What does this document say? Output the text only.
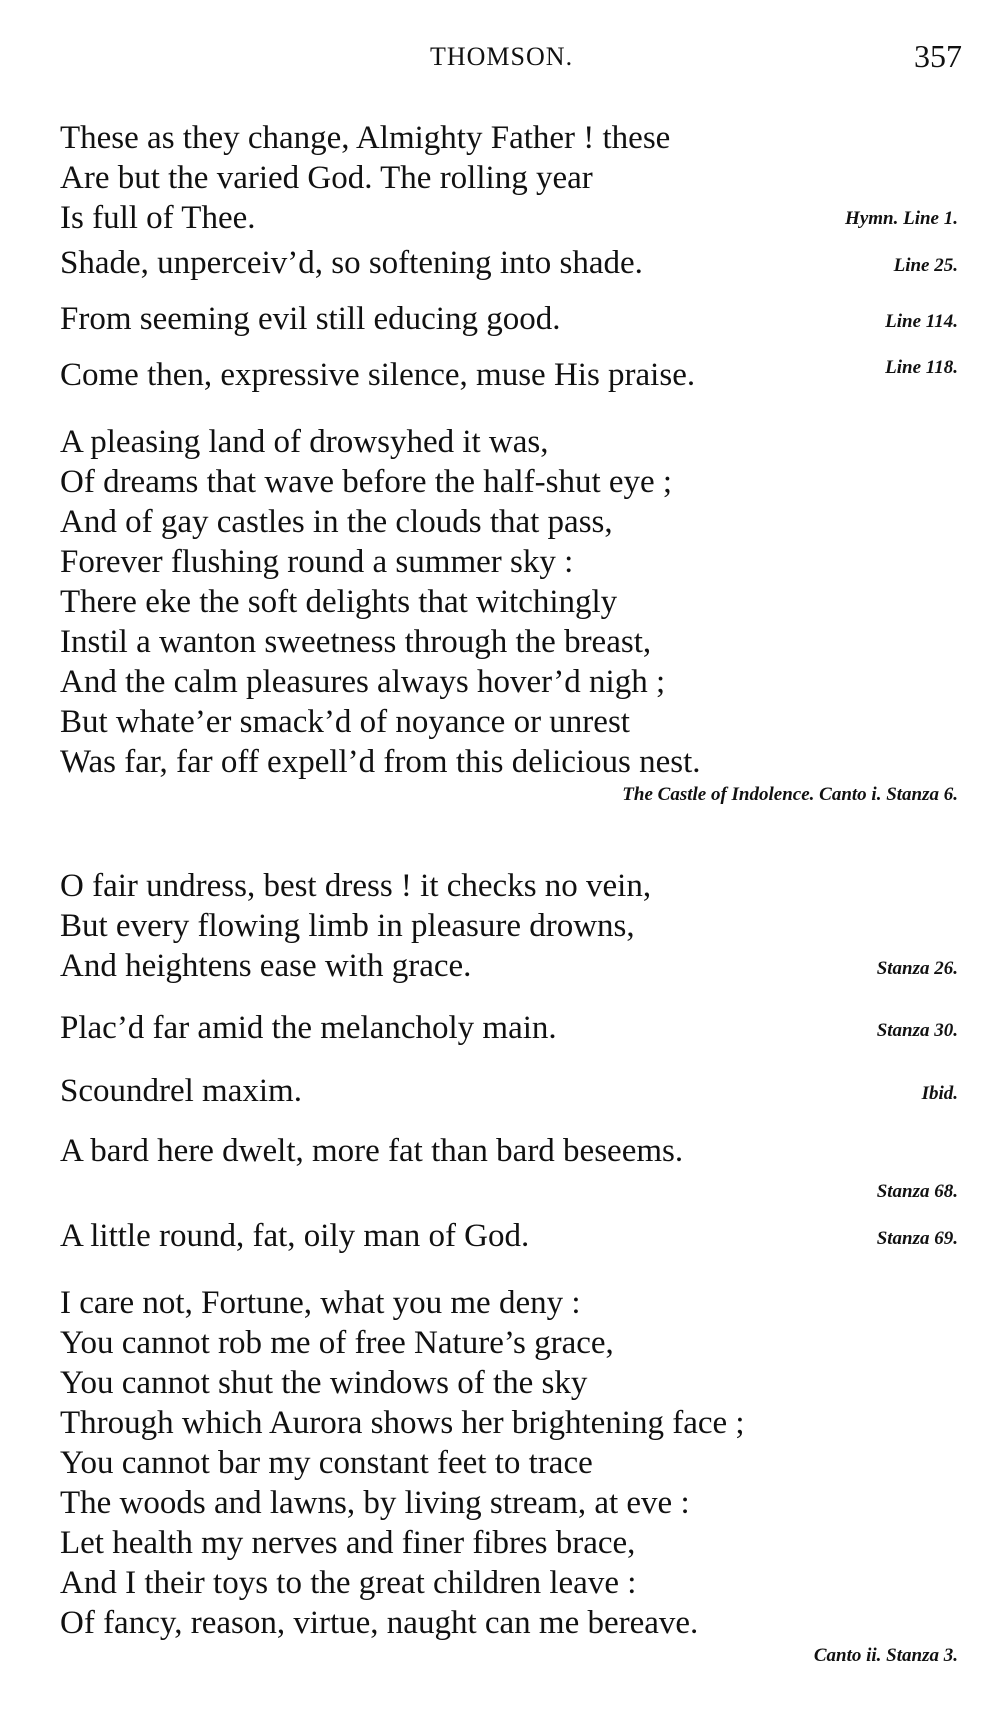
THOMSON.	357
These as they change, Almighty Father ! these
Are but the varied God. The rolling year
Is full of Thee.	Hymn. Line 1.
Shade, unperceiv’d, so softening into shade.	Line 25.
From seeming evil still educing good.	Line 114.
Come then, expressive silence, muse His praise.	Line 118.
A pleasing land of drowsyhed it was,
Of dreams that wave before the half-shut eye ;
And of gay castles in the clouds that pass,
Forever flushing round a summer sky :
There eke the soft delights that witchingly
Instil a wanton sweetness through the breast,
And the calm pleasures always hover’d nigh ;
But whate’er smack’d of noyance or unrest
Was far, far off expell’d from this delicious nest.
The Castle of Indolence. Canto i. Stanza 6.
O fair undress, best dress ! it checks no vein,
But every flowing limb in pleasure drowns,
And heightens ease with grace.	Stanza 26.
Plac’d far amid the melancholy main.	Stanza 30.
Scoundrel maxim.	Ibid.
A bard here dwelt, more fat than bard beseems.
Stanza 68.
A little round, fat, oily man of God.	Stanza 69.
I care not, Fortune, what you me deny :
You cannot rob me of free Nature’s grace,
You cannot shut the windows of the sky
Through which Aurora shows her brightening face ;
You cannot bar my constant feet to trace
The woods and lawns, by living stream, at eve :
Let health my nerves and finer fibres brace,
And I their toys to the great children leave :
Of fancy, reason, virtue, naught can me bereave.
Canto ii. Stanza 3.
